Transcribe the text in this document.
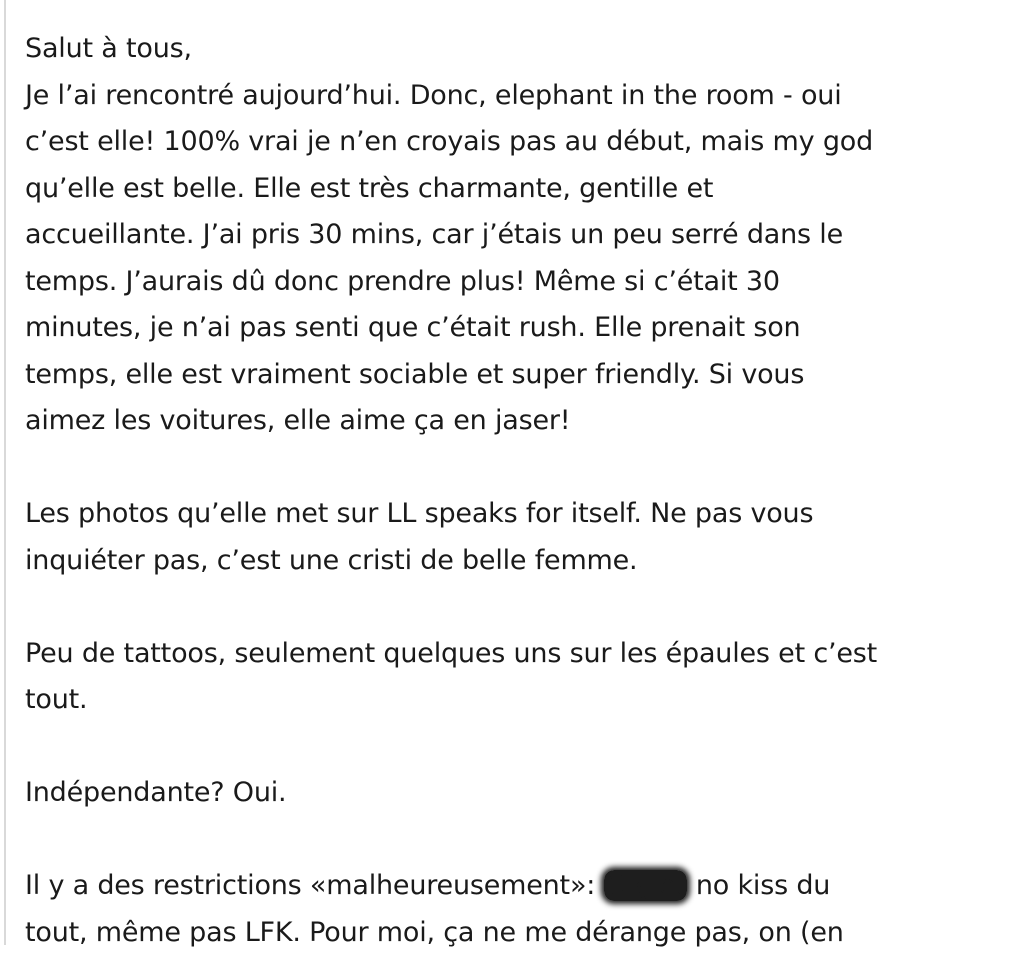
Salut à tous,
Je l’ai rencontré aujourd’hui. Donc, elephant in the room - oui
c’est elle! 100% vrai je n’en croyais pas au début, mais my god
qu’elle est belle. Elle est très charmante, gentille et
accueillante. J’ai pris 30 mins, car j’étais un peu serré dans le
temps. J’aurais dû donc prendre plus! Même si c’était 30
minutes, je n’ai pas senti que c’était rush. Elle prenait son
temps, elle est vraiment sociable et super friendly. Si vous
aimez les voitures, elle aime ça en jaser!
Les photos qu’elle met sur LL speaks for itself. Ne pas vous
inquiéter pas, c’est une cristi de belle femme.
Peu de tattoos, seulement quelques uns sur les épaules et c’est
tout.
Indépendante? Oui.
Il y a des restrictions «malheureusement»: CBJ et no kiss du
tout, même pas LFK. Pour moi, ça ne me dérange pas, on (en
